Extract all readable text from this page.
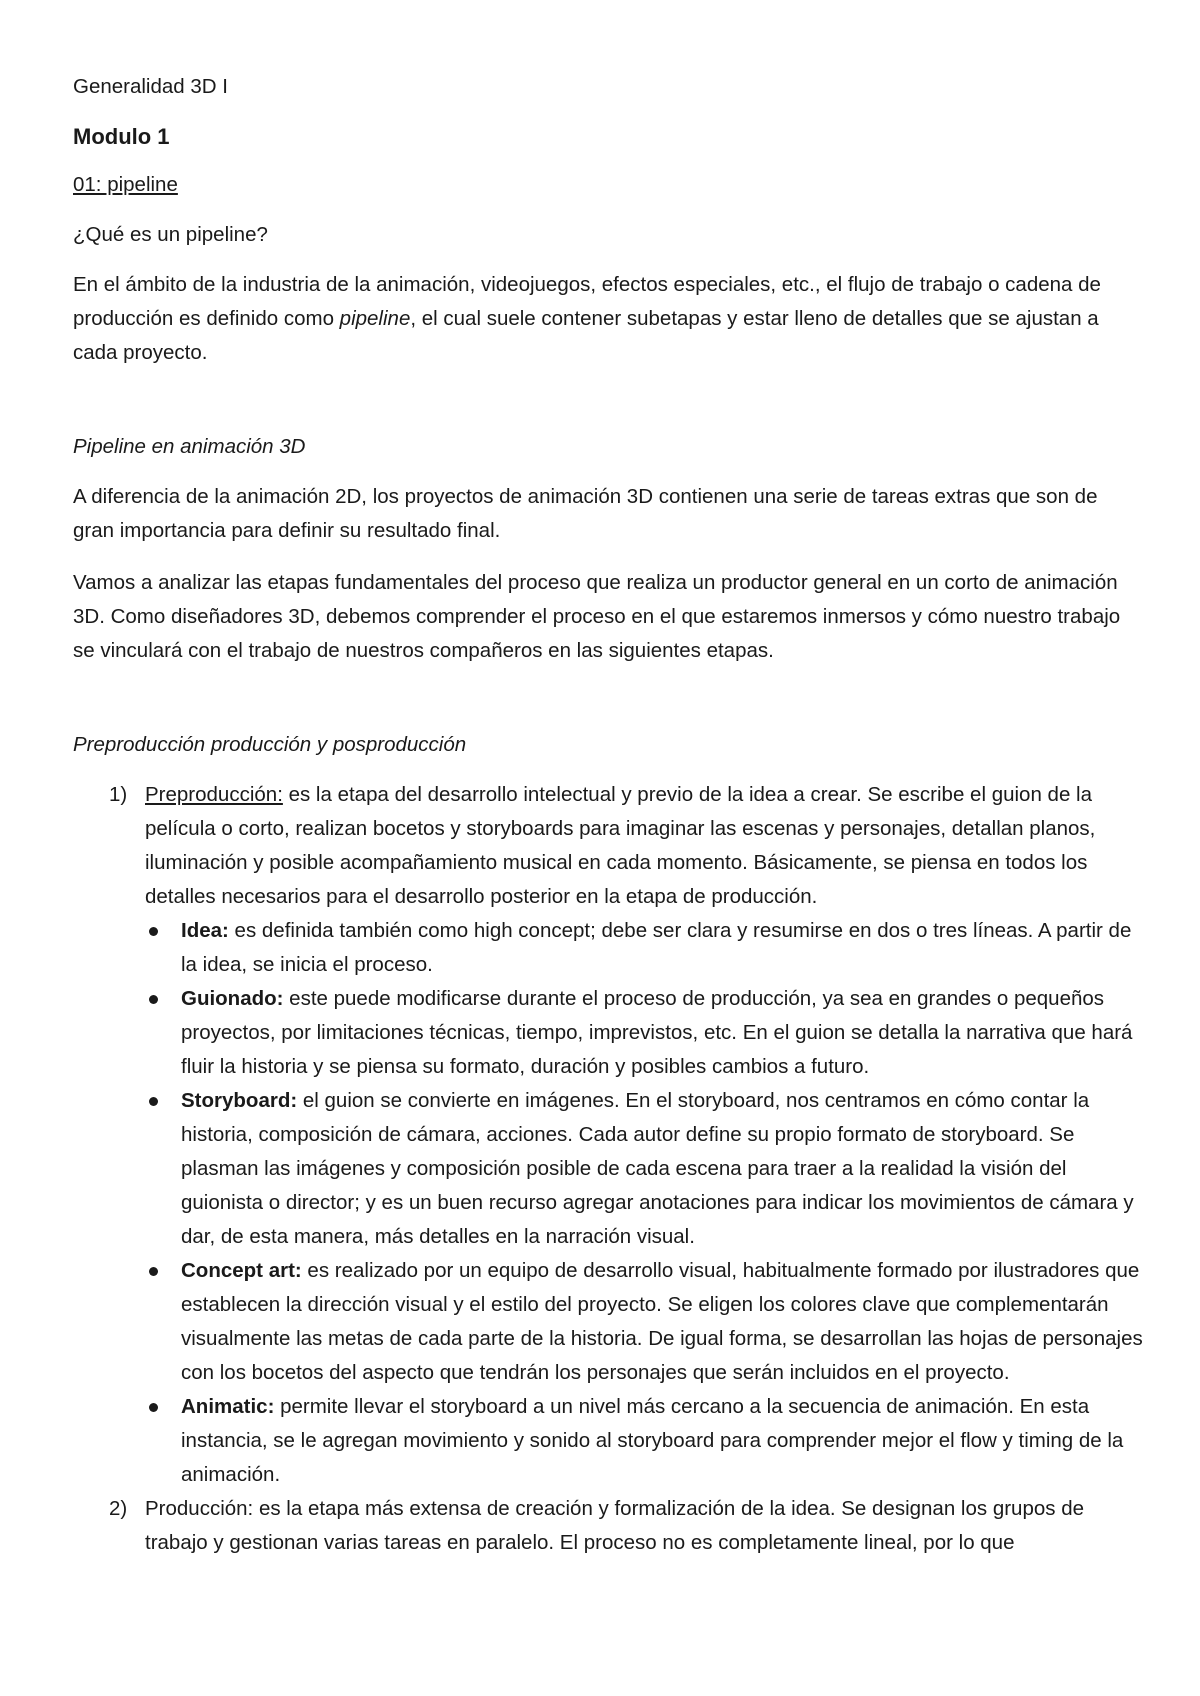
Generalidad 3D I

Modulo 1

01: pipeline

¿Qué es un pipeline?

En el ámbito de la industria de la animación, videojuegos, efectos especiales, etc., el flujo de trabajo o cadena de producción es definido como pipeline, el cual suele contener subetapas y estar lleno de detalles que se ajustan a cada proyecto.

Pipeline en animación 3D

A diferencia de la animación 2D, los proyectos de animación 3D contienen una serie de tareas extras que son de gran importancia para definir su resultado final.

Vamos a analizar las etapas fundamentales del proceso que realiza un productor general en un corto de animación 3D. Como diseñadores 3D, debemos comprender el proceso en el que estaremos inmersos y cómo nuestro trabajo se vinculará con el trabajo de nuestros compañeros en las siguientes etapas.

Preproducción producción y posproducción

1) Preproducción: es la etapa del desarrollo intelectual y previo de la idea a crear. Se escribe el guion de la película o corto, realizan bocetos y storyboards para imaginar las escenas y personajes, detallan planos, iluminación y posible acompañamiento musical en cada momento. Básicamente, se piensa en todos los detalles necesarios para el desarrollo posterior en la etapa de producción.
Idea: es definida también como high concept; debe ser clara y resumirse en dos o tres líneas. A partir de la idea, se inicia el proceso.
Guionado: este puede modificarse durante el proceso de producción, ya sea en grandes o pequeños proyectos, por limitaciones técnicas, tiempo, imprevistos, etc. En el guion se detalla la narrativa que hará fluir la historia y se piensa su formato, duración y posibles cambios a futuro.
Storyboard: el guion se convierte en imágenes. En el storyboard, nos centramos en cómo contar la historia, composición de cámara, acciones. Cada autor define su propio formato de storyboard. Se plasman las imágenes y composición posible de cada escena para traer a la realidad la visión del guionista o director; y es un buen recurso agregar anotaciones para indicar los movimientos de cámara y dar, de esta manera, más detalles en la narración visual.
Concept art: es realizado por un equipo de desarrollo visual, habitualmente formado por ilustradores que establecen la dirección visual y el estilo del proyecto. Se eligen los colores clave que complementarán visualmente las metas de cada parte de la historia. De igual forma, se desarrollan las hojas de personajes con los bocetos del aspecto que tendrán los personajes que serán incluidos en el proyecto.
Animatic: permite llevar el storyboard a un nivel más cercano a la secuencia de animación. En esta instancia, se le agregan movimiento y sonido al storyboard para comprender mejor el flow y timing de la animación.
2) Producción: es la etapa más extensa de creación y formalización de la idea. Se designan los grupos de trabajo y gestionan varias tareas en paralelo. El proceso no es completamente lineal, por lo que
